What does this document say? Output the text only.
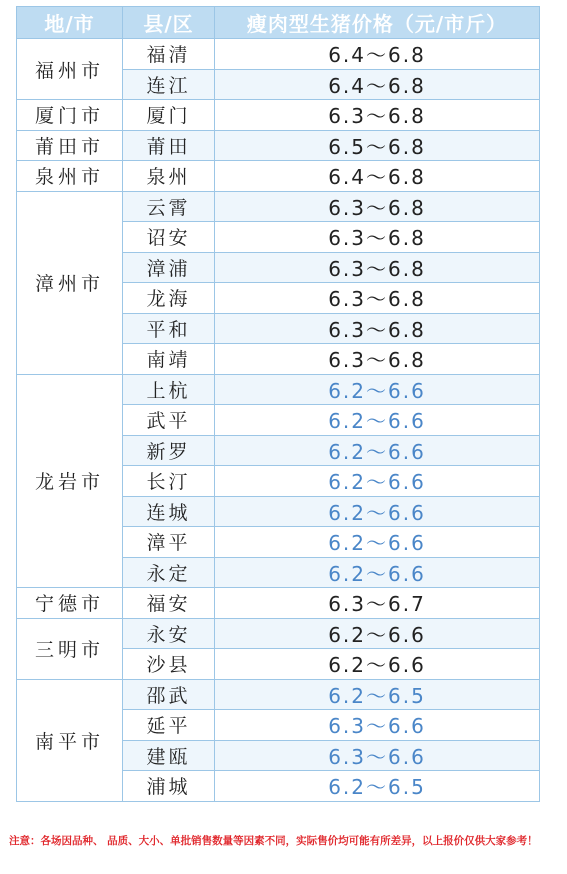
地/市	县/区	瘦肉型生猪价格（元/市斤）
福州市	福清	6.4～6.8
	连江	6.4～6.8
厦门市	厦门	6.3～6.8
莆田市	莆田	6.5～6.8
泉州市	泉州	6.4～6.8
漳州市	云霄	6.3～6.8
	诏安	6.3～6.8
	漳浦	6.3～6.8
	龙海	6.3～6.8
	平和	6.3～6.8
	南靖	6.3～6.8
龙岩市	上杭	6.2～6.6
	武平	6.2～6.6
	新罗	6.2～6.6
	长汀	6.2～6.6
	连城	6.2～6.6
	漳平	6.2～6.6
	永定	6.2～6.6
宁德市	福安	6.3～6.7
三明市	永安	6.2～6.6
	沙县	6.2～6.6
南平市	邵武	6.2～6.5
	延平	6.3～6.6
	建瓯	6.3～6.6
	浦城	6.2～6.5
注意：各场因品种、 品质、大小、单批销售数量等因素不同，实际售价均可能有所差异，以上报价仅供大家参考！
